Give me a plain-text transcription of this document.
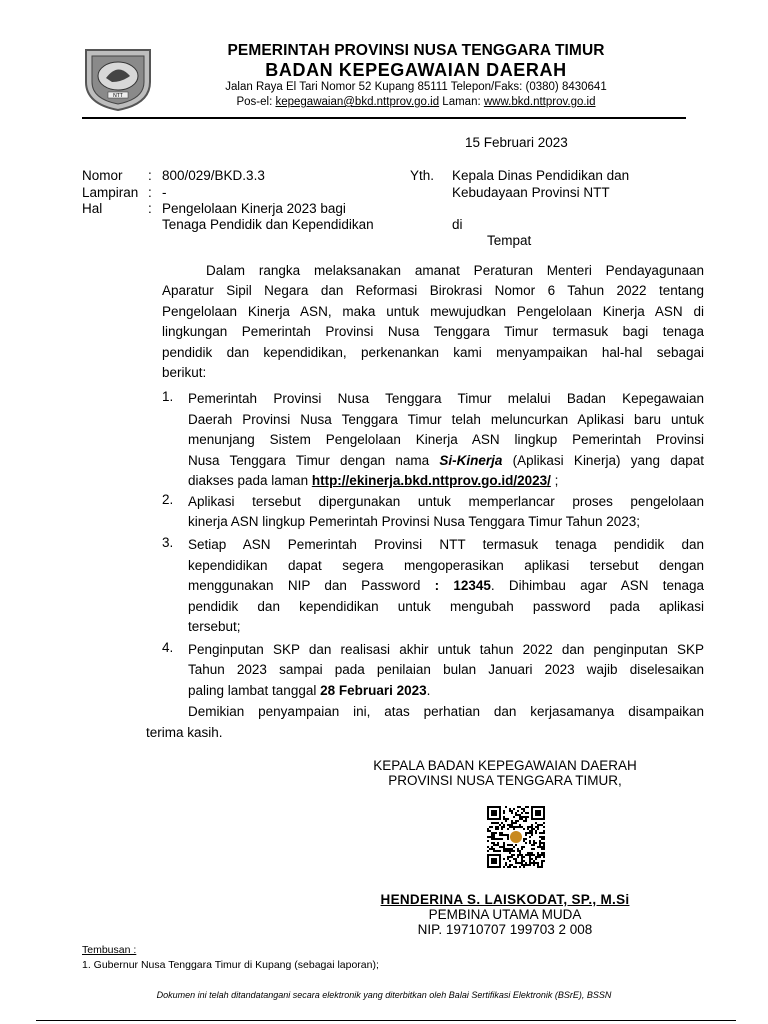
NTT
PEMERINTAH PROVINSI NUSA TENGGARA TIMUR
BADAN KEPEGAWAIAN DAERAH
Jalan Raya El Tari Nomor 52 Kupang 85111 Telepon/Faks: (0380) 8430641
Pos-el: kepegawaian@bkd.nttprov.go.id Laman: www.bkd.nttprov.go.id
15 Februari 2023
Nomor : 800/029/BKD.3.3
Lampiran : -
Hal	: Pengelolaan Kinerja 2023 bagi
Tenaga Pendidik dan Kependidikan
Yth. Kepala Dinas Pendidikan dan
Kebudayaan Provinsi NTT
di
Tempat
Dalam rangka melaksanakan amanat Peraturan Menteri Pendayagunaan
Aparatur Sipil Negara dan Reformasi Birokrasi Nomor 6 Tahun 2022 tentang
Pengelolaan Kinerja ASN, maka untuk mewujudkan Pengelolaan Kinerja ASN di
lingkungan Pemerintah Provinsi Nusa Tenggara Timur termasuk bagi tenaga
pendidik dan kependidikan, perkenankan kami menyampaikan hal-hal sebagai
berikut:
1. Pemerintah Provinsi Nusa Tenggara Timur melalui Badan Kepegawaian
Daerah Provinsi Nusa Tenggara Timur telah meluncurkan Aplikasi baru untuk
menunjang Sistem Pengelolaan Kinerja ASN lingkup Pemerintah Provinsi
Nusa Tenggara Timur dengan nama Si-Kinerja (Aplikasi Kinerja) yang dapat
diakses pada laman http://ekinerja.bkd.nttprov.go.id/2023/ ;
2. Aplikasi tersebut dipergunakan untuk memperlancar proses pengelolaan
kinerja ASN lingkup Pemerintah Provinsi Nusa Tenggara Timur Tahun 2023;
3. Setiap ASN Pemerintah Provinsi NTT termasuk tenaga pendidik dan
kependidikan dapat segera mengoperasikan aplikasi tersebut dengan
menggunakan NIP dan Password : 12345. Dihimbau agar ASN tenaga
pendidik dan kependidikan untuk mengubah password pada aplikasi
tersebut;
4. Penginputan SKP dan realisasi akhir untuk tahun 2022 dan penginputan SKP
Tahun 2023 sampai pada penilaian bulan Januari 2023 wajib diselesaikan
paling lambat tanggal 28 Februari 2023.
Demikian penyampaian ini, atas perhatian dan kerjasamanya disampaikan
terima kasih.
KEPALA BADAN KEPEGAWAIAN DAERAH
PROVINSI NUSA TENGGARA TIMUR,
HENDERINA S. LAISKODAT, SP., M.Si
PEMBINA UTAMA MUDA
NIP. 19710707 199703 2 008
Tembusan :
1. Gubernur Nusa Tenggara Timur di Kupang (sebagai laporan);
Dokumen ini telah ditandatangani secara elektronik yang diterbitkan oleh Balai Sertifikasi Elektronik (BSrE), BSSN
